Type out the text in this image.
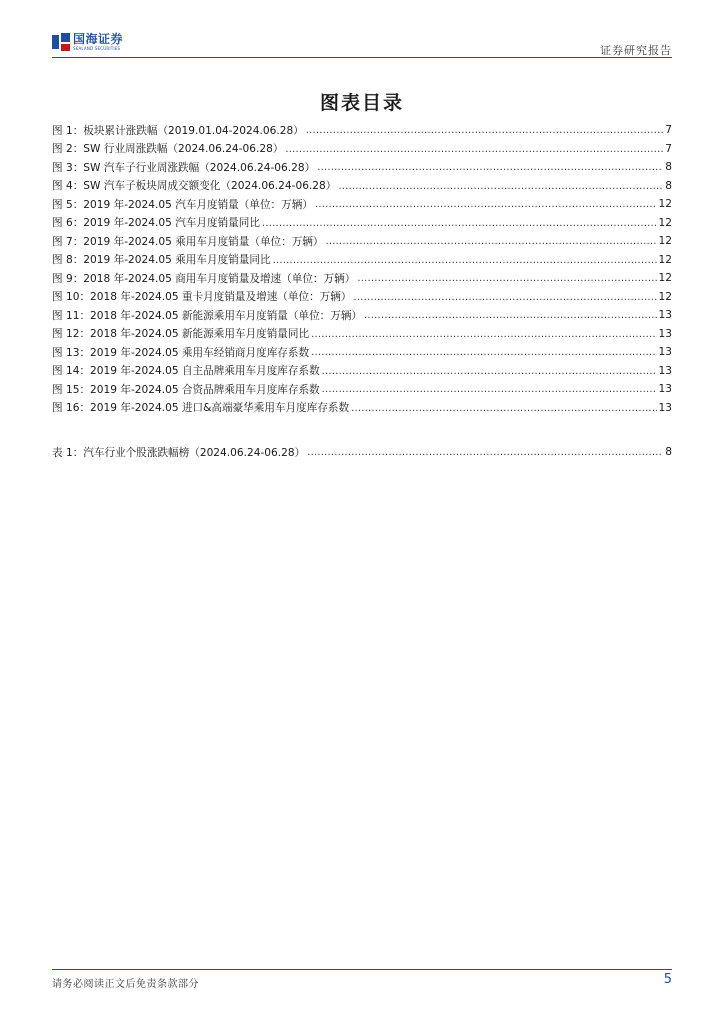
国海证券
SEALAND SECURITIES	证券研究报告
图表目录
图 1：板块累计涨跌幅（2019.01.04-2024.06.28） .....	7
图 2：SW 行业周涨跌幅（2024.06.24-06.28） .....	7
图 3：SW 汽车子行业周涨跌幅（2024.06.24-06.28） .....	8
图 4：SW 汽车子板块周成交额变化（2024.06.24-06.28） .....	8
图 5：2019 年-2024.05 汽车月度销量（单位：万辆） .....	12
图 6：2019 年-2024.05 汽车月度销量同比 .....	12
图 7：2019 年-2024.05 乘用车月度销量（单位：万辆） .....	12
图 8：2019 年-2024.05 乘用车月度销量同比 .....	12
图 9：2018 年-2024.05 商用车月度销量及增速（单位：万辆） .....	12
图 10：2018 年-2024.05 重卡月度销量及增速（单位：万辆） .....	12
图 11：2018 年-2024.05 新能源乘用车月度销量（单位：万辆） .....	13
图 12：2018 年-2024.05 新能源乘用车月度销量同比 .....	13
图 13：2019 年-2024.05 乘用车经销商月度库存系数 .....	13
图 14：2019 年-2024.05 自主品牌乘用车月度库存系数 .....	13
图 15：2019 年-2024.05 合资品牌乘用车月度库存系数 .....	13
图 16：2019 年-2024.05 进口&高端豪华乘用车月度库存系数 .....	13
表 1：汽车行业个股涨跌幅榜（2024.06.24-06.28） .....	8
请务必阅读正文后免责条款部分	5
